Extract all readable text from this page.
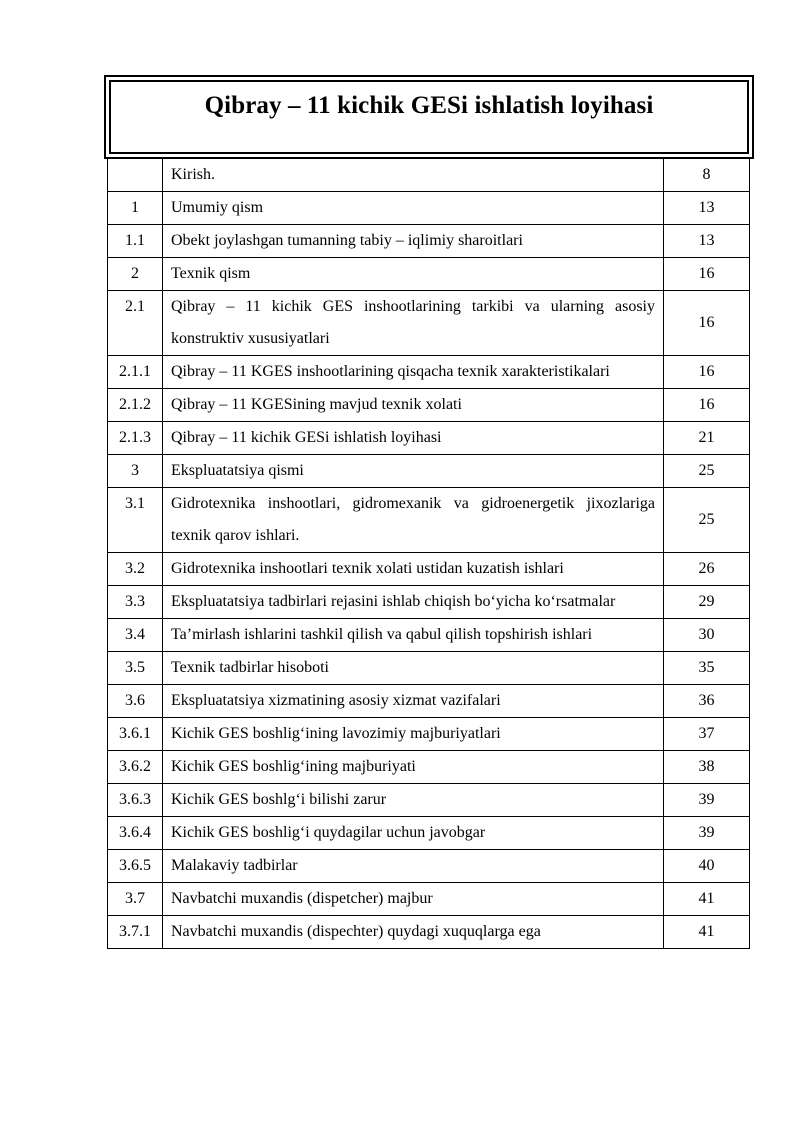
Qibray – 11 kichik GESi ishlatish loyihasi
	Kirish.	8
1	Umumiy qism	13
1.1	Obekt joylashgan tumanning tabiy – iqlimiy sharoitlari	13
2	Texnik qism	16
2.1	Qibray – 11 kichik GES inshootlarining tarkibi va ularning asosiy konstruktiv xususiyatlari	16
2.1.1	Qibray – 11 KGES inshootlarining qisqacha texnik xarakteristikalari	16
2.1.2	Qibray – 11 KGESining mavjud texnik xolati	16
2.1.3	Qibray – 11 kichik GESi ishlatish loyihasi	21
3	Ekspluatatsiya qismi	25
3.1	Gidrotexnika inshootlari, gidromexanik va gidroenergetik jixozlariga texnik qarov ishlari.	25
3.2	Gidrotexnika inshootlari texnik xolati ustidan kuzatish ishlari	26
3.3	Ekspluatatsiya tadbirlari rejasini ishlab chiqish bo‘yicha ko‘rsatmalar	29
3.4	Ta’mirlash ishlarini tashkil qilish va qabul qilish topshirish ishlari	30
3.5	Texnik tadbirlar hisoboti	35
3.6	Ekspluatatsiya xizmatining asosiy xizmat vazifalari	36
3.6.1	Kichik GES boshlig‘ining lavozimiy majburiyatlari	37
3.6.2	Kichik GES boshlig‘ining majburiyati	38
3.6.3	Kichik GES boshlg‘i bilishi zarur	39
3.6.4	Kichik GES boshlig‘i quydagilar uchun javobgar	39
3.6.5	Malakaviy tadbirlar	40
3.7	Navbatchi muxandis (dispetcher) majbur	41
3.7.1	Navbatchi muxandis (dispechter) quydagi xuquqlarga ega	41
